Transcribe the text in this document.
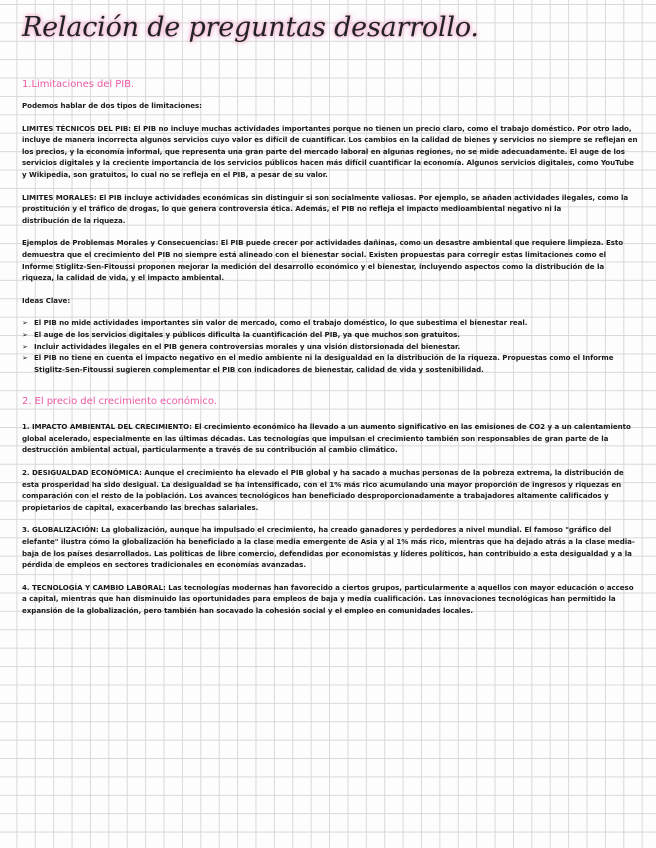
Relación de preguntas desarrollo.
1.Limitaciones del PIB.

Podemos hablar de dos tipos de limitaciones:

LIMITES TÉCNICOS DEL PIB: El PIB no incluye muchas actividades importantes porque no tienen un precio claro, como el trabajo doméstico. Por otro lado, incluye de manera incorrecta algunos servicios cuyo valor es difícil de cuantificar. Los cambios en la calidad de bienes y servicios no siempre se reflejan en los precios, y la economía informal, que representa una gran parte del mercado laboral en algunas regiones, no se mide adecuadamente. El auge de los servicios digitales y la creciente importancia de los servicios públicos hacen más difícil cuantificar la economía. Algunos servicios digitales, como YouTube y Wikipedia, son gratuitos, lo cual no se refleja en el PIB, a pesar de su valor.

LIMITES MORALES: El PIB incluye actividades económicas sin distinguir si son socialmente valiosas. Por ejemplo, se añaden actividades ilegales, como la prostitución y el tráfico de drogas, lo que genera controversia ética. Además, el PIB no refleja el impacto medioambiental negativo ni la
distribución de la riqueza.

Ejemplos de Problemas Morales y Consecuencias: El PIB puede crecer por actividades dañinas, como un desastre ambiental que requiere limpieza. Esto demuestra que el crecimiento del PIB no siempre está alineado con el bienestar social. Existen propuestas para corregir estas limitaciones como el Informe Stiglitz-Sen-Fitoussi proponen mejorar la medición del desarrollo económico y el bienestar, incluyendo aspectos como la distribución de la riqueza, la calidad de vida, y el impacto ambiental.

Ideas Clave:

➢ El PIB no mide actividades importantes sin valor de mercado, como el trabajo doméstico, lo que subestima el bienestar real.
➢ El auge de los servicios digitales y públicos dificulta la cuantificación del PIB, ya que muchos son gratuitos.
➢ Incluir actividades ilegales en el PIB genera controversias morales y una visión distorsionada del bienestar.
➢ El PIB no tiene en cuenta el impacto negativo en el medio ambiente ni la desigualdad en la distribución de la riqueza. Propuestas como el Informe Stiglitz-Sen-Fitoussi sugieren complementar el PIB con indicadores de bienestar, calidad de vida y sostenibilidad.
2. El precio del crecimiento económico.

1. IMPACTO AMBIENTAL DEL CRECIMIENTO: El crecimiento económico ha llevado a un aumento significativo en las emisiones de CO2 y a un calentamiento global acelerado, especialmente en las últimas décadas. Las tecnologías que impulsan el crecimiento también son responsables de gran parte de la destrucción ambiental actual, particularmente a través de su contribución al cambio climático.

2. DESIGUALDAD ECONÓMICA: Aunque el crecimiento ha elevado el PIB global y ha sacado a muchas personas de la pobreza extrema, la distribución de esta prosperidad ha sido desigual. La desigualdad se ha intensificado, con el 1% más rico acumulando una mayor proporción de ingresos y riquezas en comparación con el resto de la población. Los avances tecnológicos han beneficiado desproporcionadamente a trabajadores altamente calificados y propietarios de capital, exacerbando las brechas salariales.

3. GLOBALIZACIÓN: La globalización, aunque ha impulsado el crecimiento, ha creado ganadores y perdedores a nivel mundial. El famoso "gráfico del elefante" ilustra cómo la globalización ha beneficiado a la clase media emergente de Asia y al 1% más rico, mientras que ha dejado atrás a la clase media-baja de los países desarrollados. Las políticas de libre comercio, defendidas por economistas y líderes políticos, han contribuido a esta desigualdad y a la pérdida de empleos en sectores tradicionales en economías avanzadas.

4. TECNOLOGÍA Y CAMBIO LABORAL: Las tecnologías modernas han favorecido a ciertos grupos, particularmente a aquellos con mayor educación o acceso a capital, mientras que han disminuido las oportunidades para empleos de baja y media cualificación. Las innovaciones tecnológicas han permitido la expansión de la globalización, pero también han socavado la cohesión social y el empleo en comunidades locales.
